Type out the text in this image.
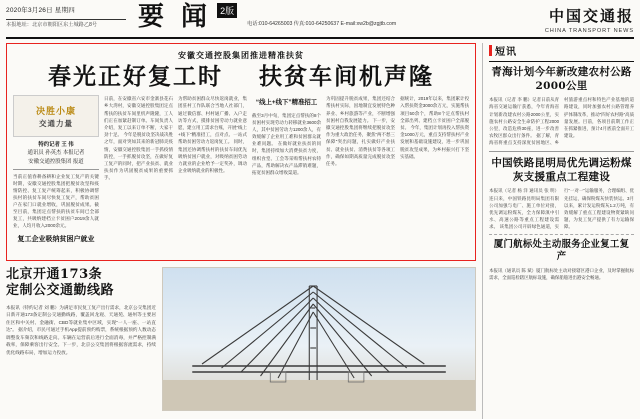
2020年3月26日 星期四
本报地址：北京市朝阳区东土城路乙8号	要 闻	2版
电话:010-64265003 传真:010-64250637 E-mail:xw2b@zgjtb.com	中国交通报
CHINA TRANSPORT NEWS
安徽交通控股集团推进精准扶贫
春光正好复工时 扶贫车间机声隆
决胜小康
交通力量
特约记者 王 伟
通讯员 孙英杰 本报记者
安徽交通控股集团 报道
当前正值春耕备耕和企业复工复产的关键时期，安徽交通控股集团把脱贫攻坚和疫情防控、复工复产统筹起来，积极协调帮扶村的扶贫车间尽快复工复产，帮助贫困户在家门口就业增收，巩固脱贫成果。截至目前，集团定点帮扶的扶贫车间已全部复工，共吸纳建档立卡贫困户2019余人就业，人均月收入2000余元。
复工企业吸纳贫困户就业
日前，在安徽省六安市金寨县花石乡大湾村，安徽交通控股集团定点帮扶的扶贫车间里机声隆隆，工人们正在加紧赶制订单。车间负责人介绍，复工以来订单不断，大家干劲十足。 今年是脱贫攻坚决战决胜之年，面对突如其来的新冠肺炎疫情，安徽交通控股集团一手抓疫情防控，一手抓脱贫攻坚，在做好复工复产的同时，把产业扶贫、就业扶贫作为巩固脱贫成果的重要抓手。
为帮助贫困群众尽快返岗就业，集团驻村工作队联合当地人社部门，通过微信群、村村通广播、入户走访等方式，摸排贫困劳动力就业意愿，建立用工需求台账，开展“线上+线下”精准招工，点对点、一站式帮助贫困劳动力返岗复工。 同时，集团还协调帮扶村的扶贫车间优先吸纳贫困户就业，对吸纳贫困劳动力就业的企业给予一定奖补，调动企业吸纳就业的积极性。
“线上+线下”精准招工
截至3月中旬，集团定点帮扶的8个贫困村实现劳动力转移就业3600余人，其中贫困劳动力1200余人，有效缓解了企业用工难和贫困群众就业难问题。 在做好就业扶贫的同时，集团持续加大消费扶贫力度，组织食堂、工会等采购帮扶村农特产品，帮助解决农产品滞销难题，拓宽贫困群众增收渠道。
为巩固提升脱贫成果，集团还结合帮扶村实际，因地制宜发展特色种养业、乡村旅游等产业，不断增强贫困村自我发展能力。 下一步，安徽交通控股集团将继续把脱贫攻坚作为重大政治任务，聚焦“两不愁三保障”突出问题，扎实做好产业扶贫、就业扶贫、消费扶贫等各项工作，确保如期高质量完成脱贫攻坚任务。
据统计，2019年以来，集团累计投入帮扶资金3000余万元，实施帮扶项目50余个，帮助8个定点帮扶村全部出列、建档立卡贫困户全部脱贫。 今年，集团计划再投入帮扶资金1000万元，重点支持帮扶村产业发展和基础设施建设，进一步巩固脱贫攻坚成果，为乡村振兴打下坚实基础。
北京开通173条
定制公交通勤线路
本报讯（特约记者 刘 鹏）为满足市民复工复产出行需求，北京公交集团近日新开通173条定制公交通勤线路，覆盖回龙观、天通苑、通州等主要居住区和中关村、金融街、CBD等就业集中区域，实现“一人一座、一站直达”。 据介绍，市民可通过手机App提前预约购票，系统根据预约人数动态调整发车频次和线路走向。车辆在运营前后进行全面消毒，并严格控制满载率，保障乘客出行安全。下一步，北京公交集团将根据客流需求，持续优化线路布局，增加运力投放。
短讯
青海计划今年新改建农村公路2000公里
本报讯（记者 李 鹏）记者日前从青海省交通运输厅获悉，今年青海省计划新改建农村公路2000公里，实施农村公路安全生命防护工程2000公里，改造危桥30座，进一步改善农牧区群众出行条件。 据了解，青海省将重点支持深度贫困地区、乡村旅游重点村和特色产业基地的道路建设，同时加强农村公路管理养护体制改革，推动“四好农村路”高质量发展。目前，各项目前期工作正在抓紧推进，预计4月底前全面开工建设。
中国铁路昆明局优先调运粉煤灰支援重点工程建设
本报讯（记者 杨 洋 通讯员 张 明）连日来，中国铁路昆明局集团有限公司加强与电厂、施工单位对接，优先调运粉煤灰，全力保障滇中引水、高速公路等重点工程建设需求。 该集团公司开辟绿色通道，实行“一对一”运输服务，合理编组、优先挂运，确保粉煤灰快装快运。3月以来，累计发运粉煤灰1.2万吨，有效缓解了重点工程建设物资紧缺问题，为复工复产提供了有力运输保障。
厦门航标处主动服务企业复工复产
本报讯（通讯员 陈 斌）厦门航标处主动对接辖区港口企业，及时掌握航标需求，全面巡检辖区航标设施，确保船舶进出港安全畅通。
